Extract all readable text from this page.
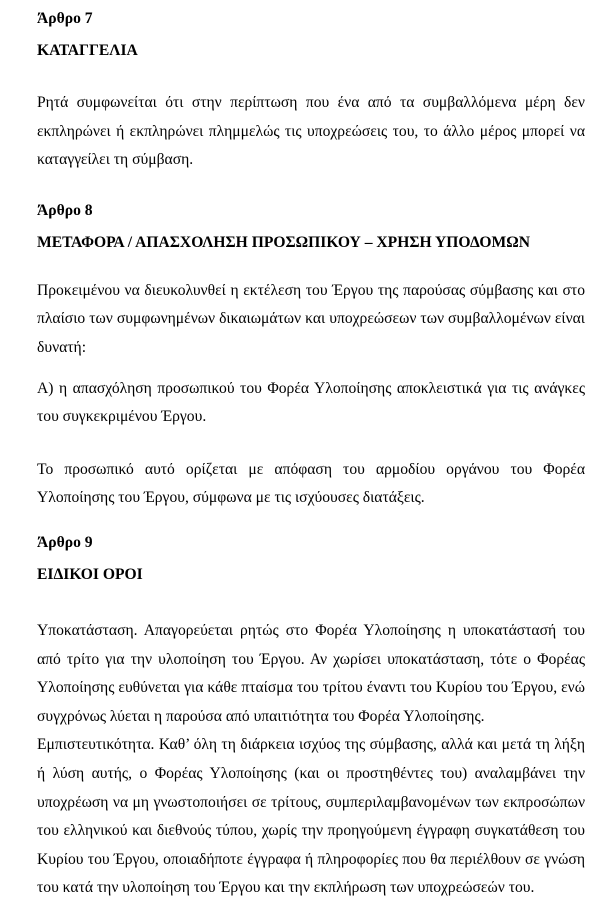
Άρθρο 7

ΚΑΤΑΓΓΕΛΙΑ

Ρητά συμφωνείται ότι στην περίπτωση που ένα από τα συμβαλλόμενα μέρη δεν εκπληρώνει ή εκπληρώνει πλημμελώς τις υποχρεώσεις του, το άλλο μέρος μπορεί να καταγγείλει τη σύμβαση.

Άρθρο 8

ΜΕΤΑΦΟΡΑ / ΑΠΑΣΧΟΛΗΣΗ ΠΡΟΣΩΠΙΚΟΥ – ΧΡΗΣΗ ΥΠΟΔΟΜΩΝ

Προκειμένου να διευκολυνθεί η εκτέλεση του Έργου της παρούσας σύμβασης και στο πλαίσιο των συμφωνημένων δικαιωμάτων και υποχρεώσεων των συμβαλλομένων είναι δυνατή:

Α) η απασχόληση προσωπικού του Φορέα Υλοποίησης αποκλειστικά για τις ανάγκες του συγκεκριμένου Έργου.

Το προσωπικό αυτό ορίζεται με απόφαση του αρμοδίου οργάνου του Φορέα Υλοποίησης του Έργου, σύμφωνα με τις ισχύουσες διατάξεις.

Άρθρο 9

ΕΙΔΙΚΟΙ ΟΡΟΙ

Υποκατάσταση. Απαγορεύεται ρητώς στο Φορέα Υλοποίησης η υποκατάστασή του από τρίτο για την υλοποίηση του Έργου. Αν χωρίσει υποκατάσταση, τότε ο Φορέας Υλοποίησης ευθύνεται για κάθε πταίσμα του τρίτου έναντι του Κυρίου του Έργου, ενώ συγχρόνως λύεται η παρούσα από υπαιτιότητα του Φορέα Υλοποίησης.

Εμπιστευτικότητα. Καθ’ όλη τη διάρκεια ισχύος της σύμβασης, αλλά και μετά τη λήξη ή λύση αυτής, ο Φορέας Υλοποίησης (και οι προστηθέντες του) αναλαμβάνει την υποχρέωση να μη γνωστοποιήσει σε τρίτους, συμπεριλαμβανομένων των εκπροσώπων του ελληνικού και διεθνούς τύπου, χωρίς την προηγούμενη έγγραφη συγκατάθεση του Κυρίου του Έργου, οποιαδήποτε έγγραφα ή πληροφορίες που θα περιέλθουν σε γνώση του κατά την υλοποίηση του Έργου και την εκπλήρωση των υποχρεώσεών του.
